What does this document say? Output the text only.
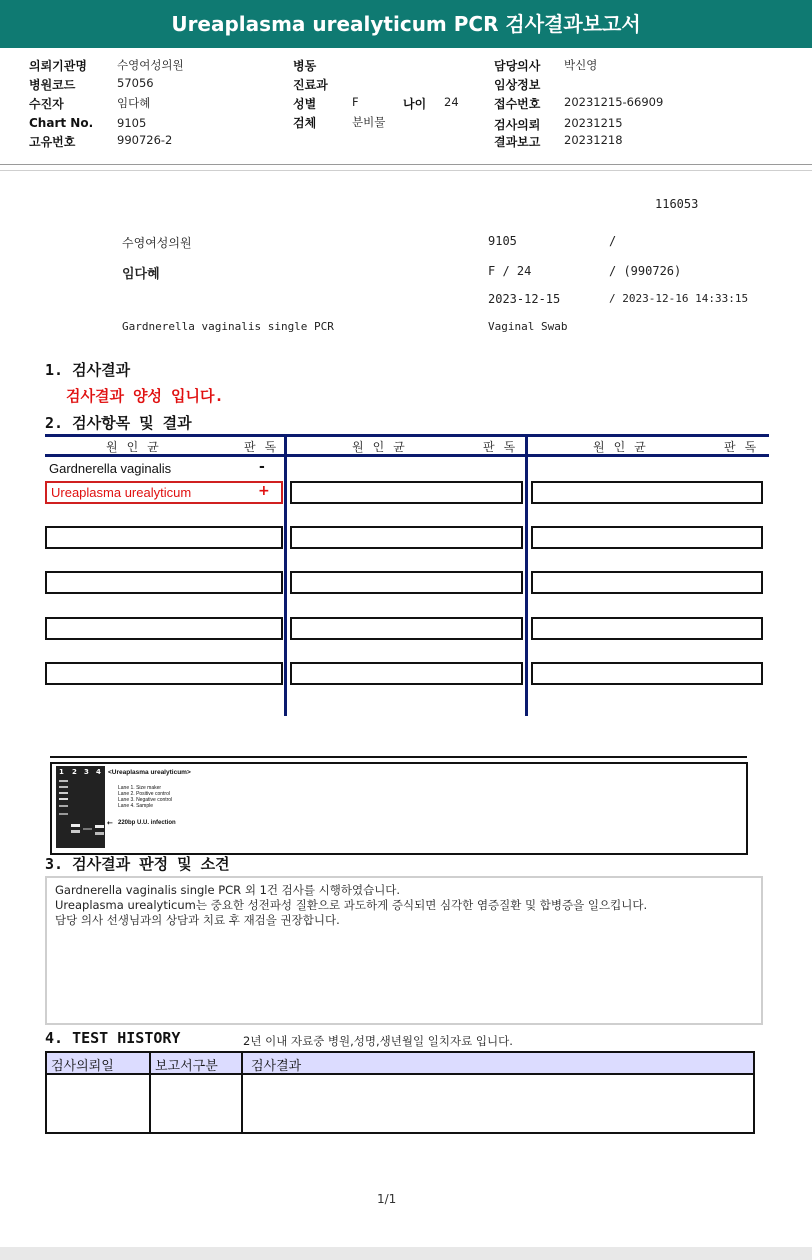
Ureaplasma urealyticum PCR 검사결과보고서
의뢰기관명	수영여성의원
병원코드	57056
수진자	임다혜
Chart No. 9105
고유번호	990726-2
병동
진료과
성별	F	나이 24
검체	분비물
담당의사 박신영
임상정보
접수번호 20231215-66909
검사의뢰 20231215
결과보고 20231218
116053
수영여성의원	9105	/
임다혜	F / 24	/ (990726)
2023-12-15	/ 2023-12-16 14:33:15
Gardnerella vaginalis single PCR	Vaginal Swab
1. 검사결과
검사결과 양성 입니다.
2. 검사항목 및 결과
원인균	판독	원인균	판독	원인균	판독
Gardnerella vaginalis	-
Ureaplasma urealyticum	+
1 2 3 4 <Ureaplasma urealyticum>
Lane 1. Size maker
Lane 2. Positive control
Lane 3. Negative control
Lane 4. Sample
← 220bp U.U. infection
3. 검사결과 판정 및 소견
Gardnerella vaginalis single PCR 외 1건 검사를 시행하였습니다.
Ureaplasma urealyticum는 중요한 성전파성 질환으로 과도하게 증식되면 심각한 염증질환 및 합병증을 일으킵니다.
담당 의사 선생님과의 상담과 치료 후 재검을 권장합니다.
4. TEST HISTORY	2년 이내 자료중 병원,성명,생년월일 일치자료 입니다.
검사의뢰일	보고서구분	검사결과
1/1
